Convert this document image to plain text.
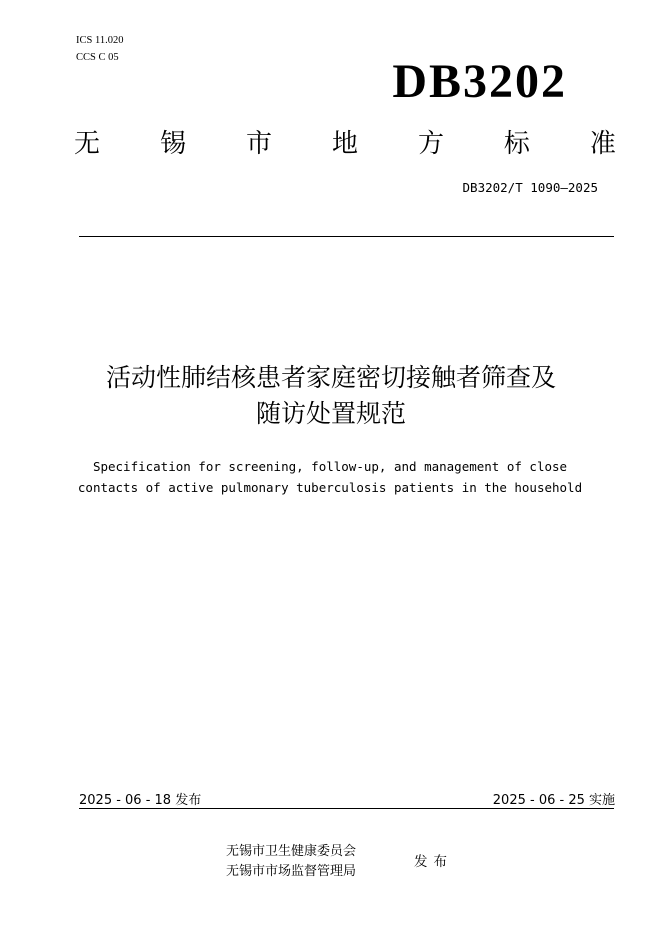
ICS 11.020
CCS C 05	DB3202
无 锡 市 地 方 标 准
DB3202/T 1090—2025
活动性肺结核患者家庭密切接触者筛查及
随访处置规范
Specification for screening, follow-up, and management of close
contacts of active pulmonary tuberculosis patients in the household
2025 - 06 - 18 发布	2025 - 06 - 25 实施
无锡市卫生健康委员会
无锡市市场监督管理局
发布
